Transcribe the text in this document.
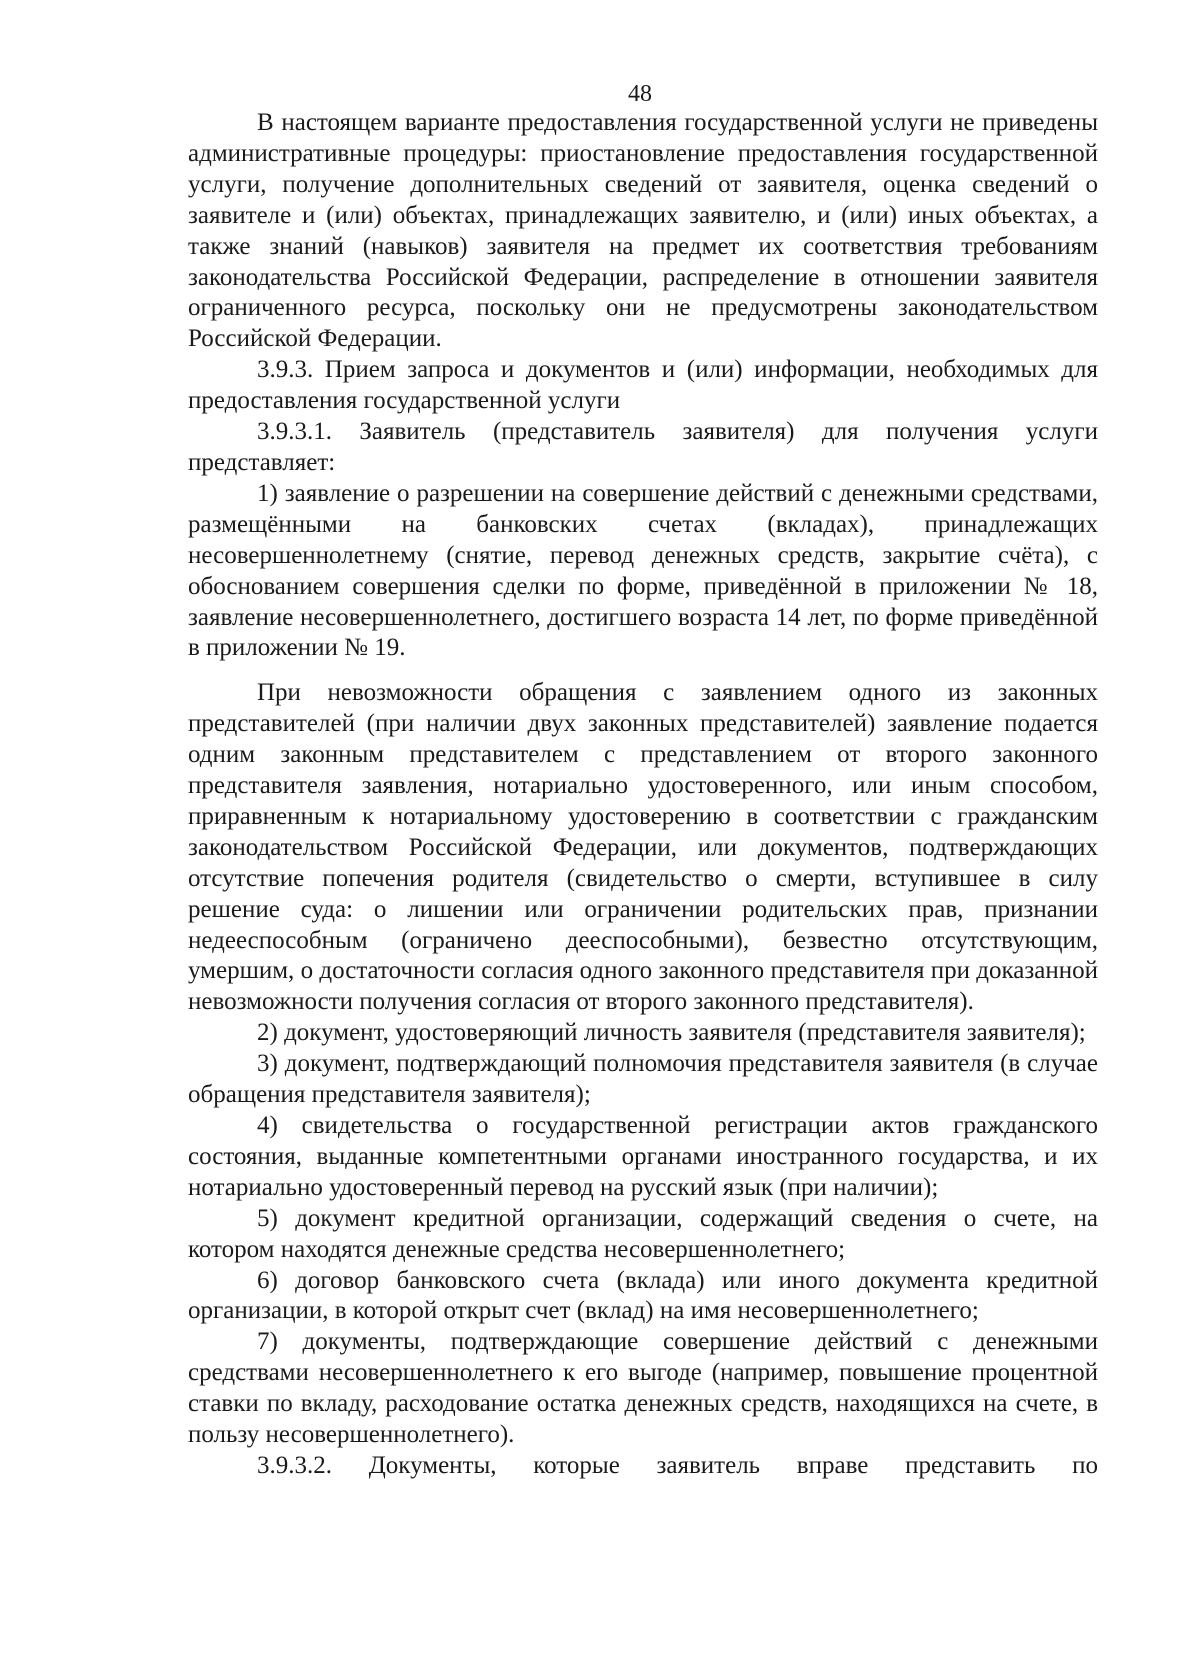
48

В настоящем варианте предоставления государственной услуги не приведены административные процедуры: приостановление предоставления государственной услуги, получение дополнительных сведений от заявителя, оценка сведений о заявителе и (или) объектах, принадлежащих заявителю, и (или) иных объектах, а также знаний (навыков) заявителя на предмет их соответствия требованиям законодательства Российской Федерации, распределение в отношении заявителя ограниченного ресурса, поскольку они не предусмотрены законодательством Российской Федерации.

3.9.3. Прием запроса и документов и (или) информации, необходимых для предоставления государственной услуги

3.9.3.1. Заявитель (представитель заявителя) для получения услуги представляет:

1) заявление о разрешении на совершение действий с денежными средствами, размещёнными на банковских счетах (вкладах), принадлежащих несовершеннолетнему (снятие, перевод денежных средств, закрытие счёта), с обоснованием совершения сделки по форме, приведённой в приложении № 18, заявление несовершеннолетнего, достигшего возраста 14 лет, по форме приведённой в приложении № 19.

При невозможности обращения с заявлением одного из законных представителей (при наличии двух законных представителей) заявление подается одним законным представителем с представлением от второго законного представителя заявления, нотариально удостоверенного, или иным способом, приравненным к нотариальному удостоверению в соответствии с гражданским законодательством Российской Федерации, или документов, подтверждающих отсутствие попечения родителя (свидетельство о смерти, вступившее в силу решение суда: о лишении или ограничении родительских прав, признании недееспособным (ограничено дееспособными), безвестно отсутствующим, умершим, о достаточности согласия одного законного представителя при доказанной невозможности получения согласия от второго законного представителя).

2) документ, удостоверяющий личность заявителя (представителя заявителя);

3) документ, подтверждающий полномочия представителя заявителя (в случае обращения представителя заявителя);

4) свидетельства о государственной регистрации актов гражданского состояния, выданные компетентными органами иностранного государства, и их нотариально удостоверенный перевод на русский язык (при наличии);

5) документ кредитной организации, содержащий сведения о счете, на котором находятся денежные средства несовершеннолетнего;

6) договор банковского счета (вклада) или иного документа кредитной организации, в которой открыт счет (вклад) на имя несовершеннолетнего;

7) документы, подтверждающие совершение действий с денежными средствами несовершеннолетнего к его выгоде (например, повышение процентной ставки по вкладу, расходование остатка денежных средств, находящихся на счете, в пользу несовершеннолетнего).

3.9.3.2. Документы, которые заявитель вправе представить по
